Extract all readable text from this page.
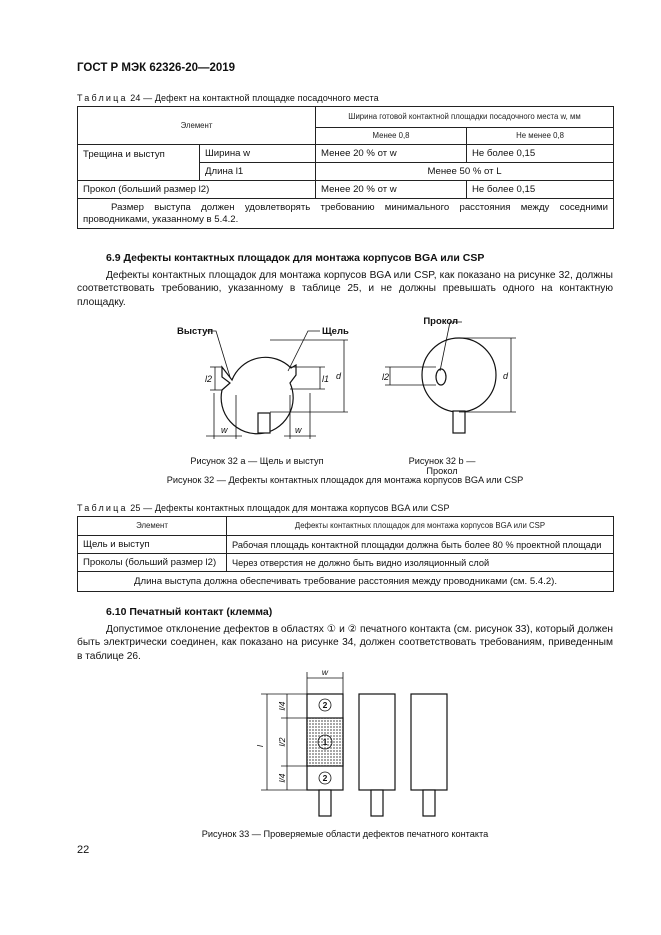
ГОСТ Р МЭК 62326-20—2019
Таблица 24 — Дефект на контактной площадке посадочного места
Элемент		Ширина готовой контактной площадки посадочного места w, мм	
		Менее 0,8	Не менее 0,8
Трещина и выступ	Ширина w	Менее 20 % от w	Не более 0,15
	Длина l1	Менее 50 % от L	
Прокол (больший размер l2)		Менее 20 % от w	Не более 0,15
Размер выступа должен удовлетворять требованию минимального расстояния между соседними проводниками, указанному в 5.4.2.			
6.9 Дефекты контактных площадок для монтажа корпусов BGA или CSP
Дефекты контактных площадок для монтажа корпусов BGA или CSP, как показано на рисунке 32, должны соответствовать требованию, указанному в таблице 25, и не должны превышать одного на контактную площадку.
Выступ	Щель
Прокол
l2	l1 d
w	w
l2	d
Рисунок 32 а — Щель и выступ	Рисунок 32 b — Прокол
Рисунок 32 — Дефекты контактных площадок для монтажа корпусов BGA или CSP
Таблица 25 — Дефекты контактных площадок для монтажа корпусов BGA или CSP
Элемент	Дефекты контактных площадок для монтажа корпусов BGA или CSP
Щель и выступ	Рабочая площадь контактной площадки должна быть более 80 % проектной площади
Проколы (больший размер l2)	Через отверстия не должно быть видно изоляционный слой
Длина выступа должна обеспечивать требование расстояния между проводниками (см. 5.4.2).	
6.10 Печатный контакт (клемма)
Допустимое отклонение дефектов в областях ① и ② печатного контакта (см. рисунок 33), который должен быть электрически соединен, как показано на рисунке 34, должен соответствовать требованиям, приведенным в таблице 26.
w
l
l/4
l/2
l/4
2
1
2
Рисунок 33 — Проверяемые области дефектов печатного контакта
22
